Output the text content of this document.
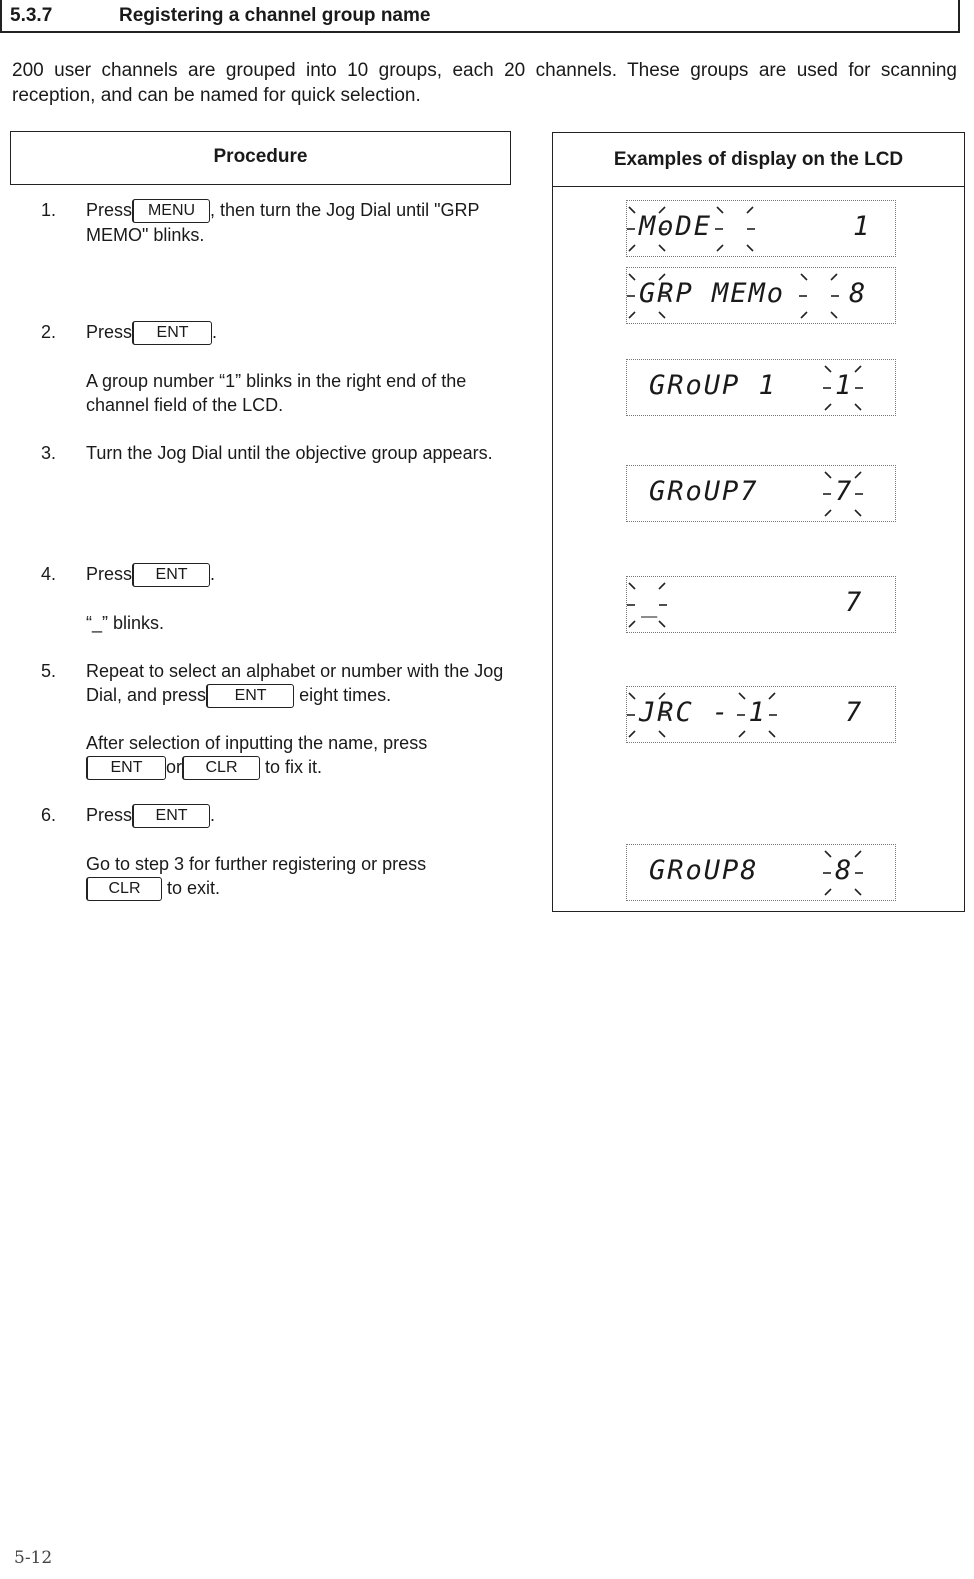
5.3.7	Registering a channel group name
200 user channels are grouped into 10 groups, each 20 channels. These groups are used for scanning reception, and can be named for quick selection.
Procedure
1. Press MENU , then turn the Jog Dial until "GRP MEMO" blinks.
2. Press ENT .
A group number “1” blinks in the right end of the channel field of the LCD.
3. Turn the Jog Dial until the objective group appears.
4. Press ENT .
“_” blinks.
5. Repeat to select an alphabet or number with the Jog Dial, and press ENT eight times.
After selection of inputting the name, press
ENT or CLR to fix it.
6. Press ENT .
Go to step 3 for further registering or press
CLR to exit.
Examples of display on the LCD
MoDE	1
GRP MEMo 8
GRoUP 1 1
GRoUP7	7
_	7
JRC - 1	7
GRoUP8	8
5-12
